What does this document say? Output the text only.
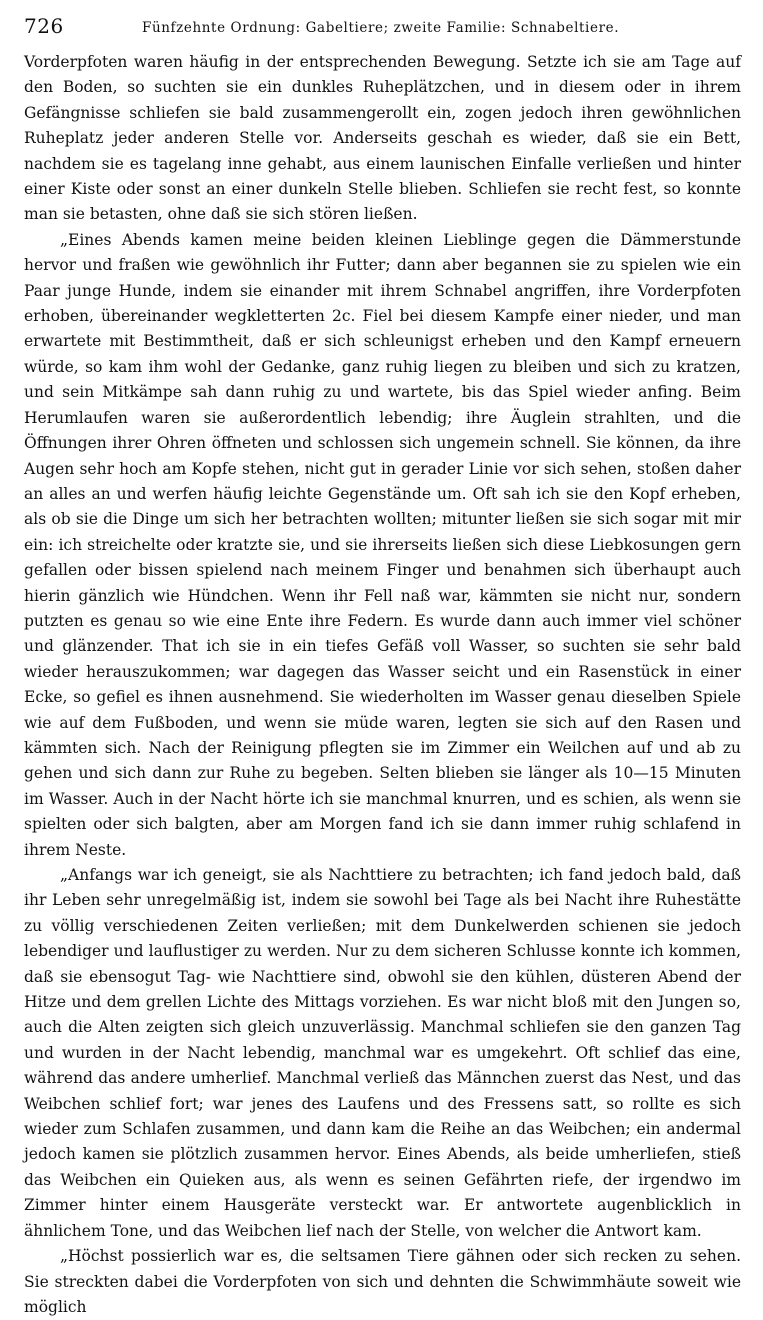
726	Fünfzehnte Ordnung: Gabeltiere; zweite Familie: Schnabeltiere.

Vorderpfoten waren häufig in der entsprechenden Bewegung. Setzte ich sie am Tage auf den Boden, so suchten sie ein dunkles Ruheplätzchen, und in diesem oder in ihrem Gefängnisse schliefen sie bald zusammengerollt ein, zogen jedoch ihren gewöhnlichen Ruheplatz jeder anderen Stelle vor. Anderseits geschah es wieder, daß sie ein Bett, nachdem sie es tagelang inne gehabt, aus einem launischen Einfalle verließen und hinter einer Kiste oder sonst an einer dunkeln Stelle blieben. Schliefen sie recht fest, so konnte man sie betasten, ohne daß sie sich stören ließen.

„Eines Abends kamen meine beiden kleinen Lieblinge gegen die Dämmerstunde hervor und fraßen wie gewöhnlich ihr Futter; dann aber begannen sie zu spielen wie ein Paar junge Hunde, indem sie einander mit ihrem Schnabel angriffen, ihre Vorderpfoten erhoben, übereinander wegkletterten 2c. Fiel bei diesem Kampfe einer nieder, und man erwartete mit Bestimmtheit, daß er sich schleunigst erheben und den Kampf erneuern würde, so kam ihm wohl der Gedanke, ganz ruhig liegen zu bleiben und sich zu kratzen, und sein Mitkämpe sah dann ruhig zu und wartete, bis das Spiel wieder anfing. Beim Herumlaufen waren sie außerordentlich lebendig; ihre Äuglein strahlten, und die Öffnungen ihrer Ohren öffneten und schlossen sich ungemein schnell. Sie können, da ihre Augen sehr hoch am Kopfe stehen, nicht gut in gerader Linie vor sich sehen, stoßen daher an alles an und werfen häufig leichte Gegenstände um. Oft sah ich sie den Kopf erheben, als ob sie die Dinge um sich her betrachten wollten; mitunter ließen sie sich sogar mit mir ein: ich streichelte oder kratzte sie, und sie ihrerseits ließen sich diese Liebkosungen gern gefallen oder bissen spielend nach meinem Finger und benahmen sich überhaupt auch hierin gänzlich wie Hündchen. Wenn ihr Fell naß war, kämmten sie nicht nur, sondern putzten es genau so wie eine Ente ihre Federn. Es wurde dann auch immer viel schöner und glänzender. That ich sie in ein tiefes Gefäß voll Wasser, so suchten sie sehr bald wieder herauszukommen; war dagegen das Wasser seicht und ein Rasenstück in einer Ecke, so gefiel es ihnen ausnehmend. Sie wiederholten im Wasser genau dieselben Spiele wie auf dem Fußboden, und wenn sie müde waren, legten sie sich auf den Rasen und kämmten sich. Nach der Reinigung pflegten sie im Zimmer ein Weilchen auf und ab zu gehen und sich dann zur Ruhe zu begeben. Selten blieben sie länger als 10—15 Minuten im Wasser. Auch in der Nacht hörte ich sie manchmal knurren, und es schien, als wenn sie spielten oder sich balgten, aber am Morgen fand ich sie dann immer ruhig schlafend in ihrem Neste.

„Anfangs war ich geneigt, sie als Nachttiere zu betrachten; ich fand jedoch bald, daß ihr Leben sehr unregelmäßig ist, indem sie sowohl bei Tage als bei Nacht ihre Ruhestätte zu völlig verschiedenen Zeiten verließen; mit dem Dunkelwerden schienen sie jedoch lebendiger und lauflustiger zu werden. Nur zu dem sicheren Schlusse konnte ich kommen, daß sie ebensogut Tag- wie Nachttiere sind, obwohl sie den kühlen, düsteren Abend der Hitze und dem grellen Lichte des Mittags vorziehen. Es war nicht bloß mit den Jungen so, auch die Alten zeigten sich gleich unzuverlässig. Manchmal schliefen sie den ganzen Tag und wurden in der Nacht lebendig, manchmal war es umgekehrt. Oft schlief das eine, während das andere umherlief. Manchmal verließ das Männchen zuerst das Nest, und das Weibchen schlief fort; war jenes des Laufens und des Fressens satt, so rollte es sich wieder zum Schlafen zusammen, und dann kam die Reihe an das Weibchen; ein andermal jedoch kamen sie plötzlich zusammen hervor. Eines Abends, als beide umherliefen, stieß das Weibchen ein Quieken aus, als wenn es seinen Gefährten riefe, der irgendwo im Zimmer hinter einem Hausgeräte versteckt war. Er antwortete augenblicklich in ähnlichem Tone, und das Weibchen lief nach der Stelle, von welcher die Antwort kam.

„Höchst possierlich war es, die seltsamen Tiere gähnen oder sich recken zu sehen. Sie streckten dabei die Vorderpfoten von sich und dehnten die Schwimmhäute soweit wie möglich
